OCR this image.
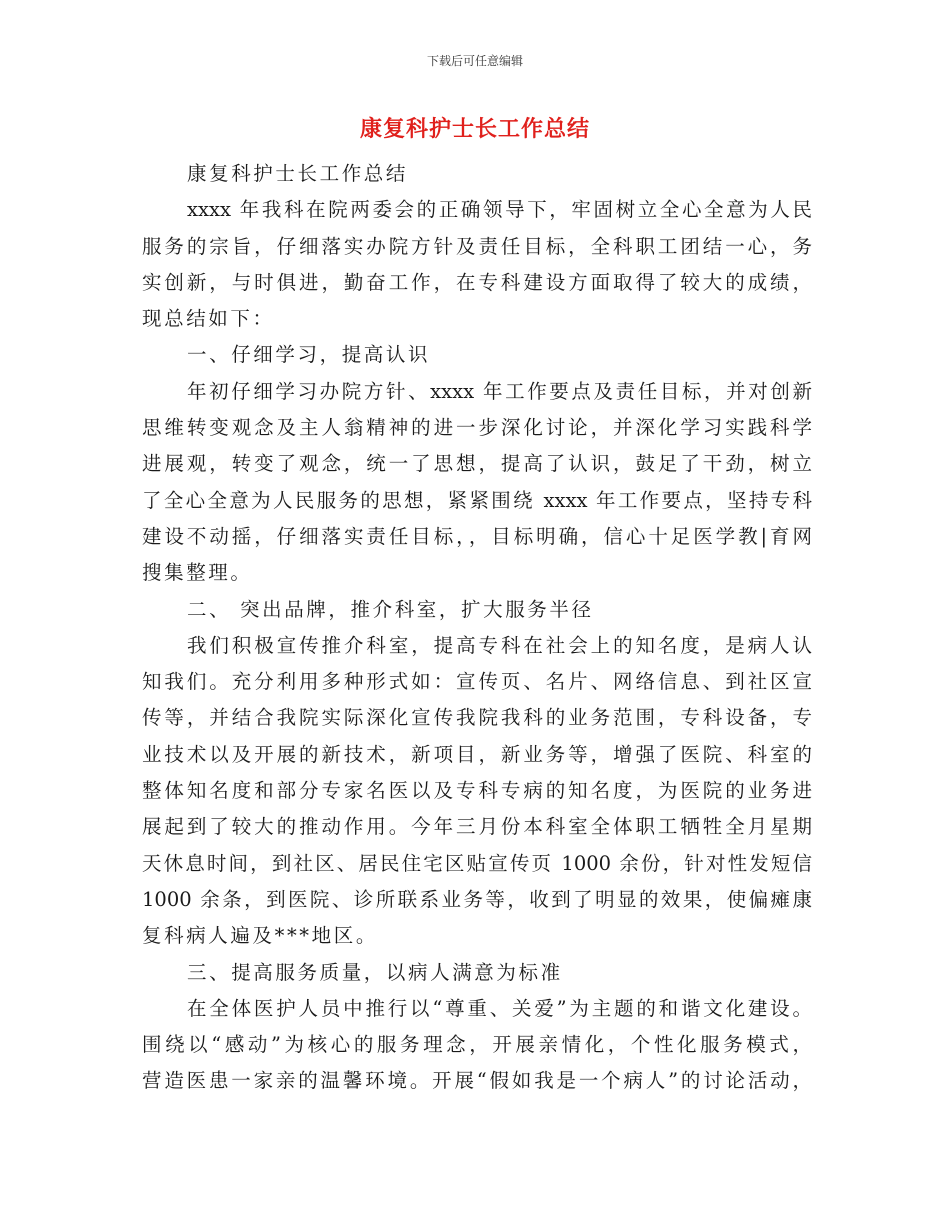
下载后可任意编辑
康复科护士长工作总结
康复科护士长工作总结
xxxx 年我科在院两委会的正确领导下，牢固树立全心全意为人民
服务的宗旨，仔细落实办院方针及责任目标，全科职工团结一心，务
实创新，与时俱进，勤奋工作，在专科建设方面取得了较大的成绩，
现总结如下：
一、仔细学习，提高认识
年初仔细学习办院方针、xxxx 年工作要点及责任目标，并对创新
思维转变观念及主人翁精神的进一步深化讨论，并深化学习实践科学
进展观，转变了观念，统一了思想，提高了认识，鼓足了干劲，树立
了全心全意为人民服务的思想，紧紧围绕 xxxx 年工作要点，坚持专科
建设不动摇，仔细落实责任目标，，目标明确，信心十足医学教|育网
搜集整理。
二、 突出品牌，推介科室，扩大服务半径
我们积极宣传推介科室，提高专科在社会上的知名度，是病人认
知我们。充分利用多种形式如：宣传页、名片、网络信息、到社区宣
传等，并结合我院实际深化宣传我院我科的业务范围，专科设备，专
业技术以及开展的新技术，新项目，新业务等，增强了医院、科室的
整体知名度和部分专家名医以及专科专病的知名度，为医院的业务进
展起到了较大的推动作用。今年三月份本科室全体职工牺牲全月星期
天休息时间，到社区、居民住宅区贴宣传页 1000 余份，针对性发短信
1000 余条，到医院、诊所联系业务等，收到了明显的效果，使偏瘫康
复科病人遍及***地区。
三、提高服务质量，以病人满意为标准
在全体医护人员中推行以“尊重、关爱”为主题的和谐文化建设。
围绕以“感动”为核心的服务理念，开展亲情化，个性化服务模式，
营造医患一家亲的温馨环境。开展“假如我是一个病人”的讨论活动，
